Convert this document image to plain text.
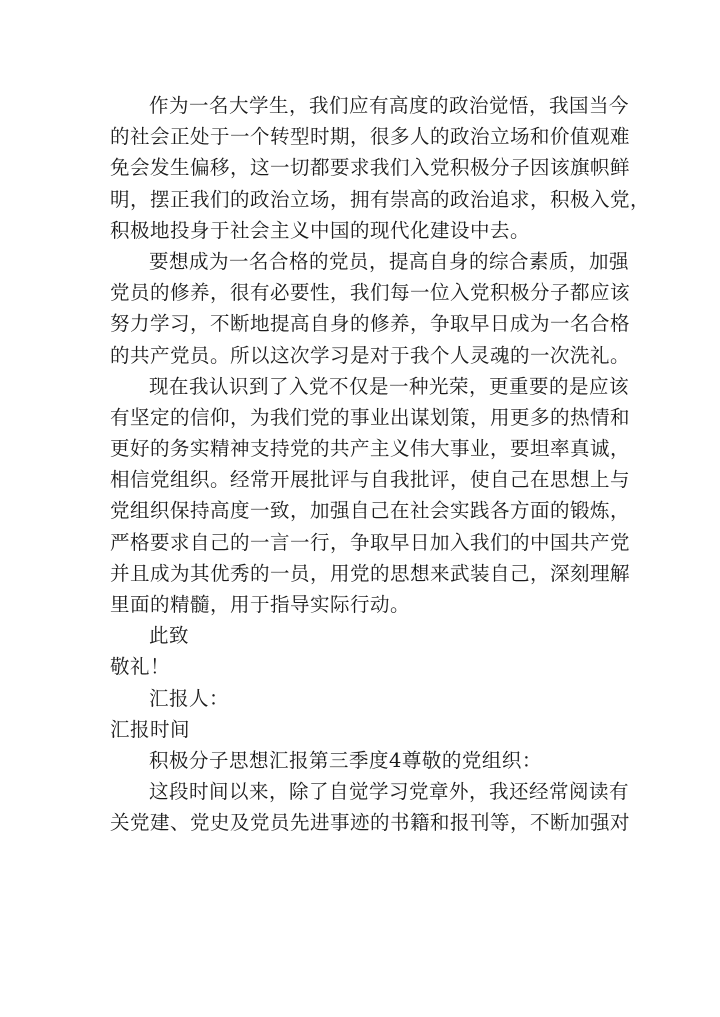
作为一名大学生，我们应有高度的政治觉悟，我国当今
的社会正处于一个转型时期，很多人的政治立场和价值观难
免会发生偏移，这一切都要求我们入党积极分子因该旗帜鲜
明，摆正我们的政治立场，拥有崇高的政治追求，积极入党，
积极地投身于社会主义中国的现代化建设中去。
要想成为一名合格的党员，提高自身的综合素质，加强
党员的修养，很有必要性，我们每一位入党积极分子都应该
努力学习，不断地提高自身的修养，争取早日成为一名合格
的共产党员。所以这次学习是对于我个人灵魂的一次洗礼。
现在我认识到了入党不仅是一种光荣，更重要的是应该
有坚定的信仰，为我们党的事业出谋划策，用更多的热情和
更好的务实精神支持党的共产主义伟大事业，要坦率真诚，
相信党组织。经常开展批评与自我批评，使自己在思想上与
党组织保持高度一致，加强自己在社会实践各方面的锻炼，
严格要求自己的一言一行，争取早日加入我们的中国共产党
并且成为其优秀的一员，用党的思想来武装自己，深刻理解
里面的精髓，用于指导实际行动。
此致
敬礼！
汇报人：
汇报时间
积极分子思想汇报第三季度4尊敬的党组织：
这段时间以来，除了自觉学习党章外，我还经常阅读有
关党建、党史及党员先进事迹的书籍和报刊等，不断加强对
